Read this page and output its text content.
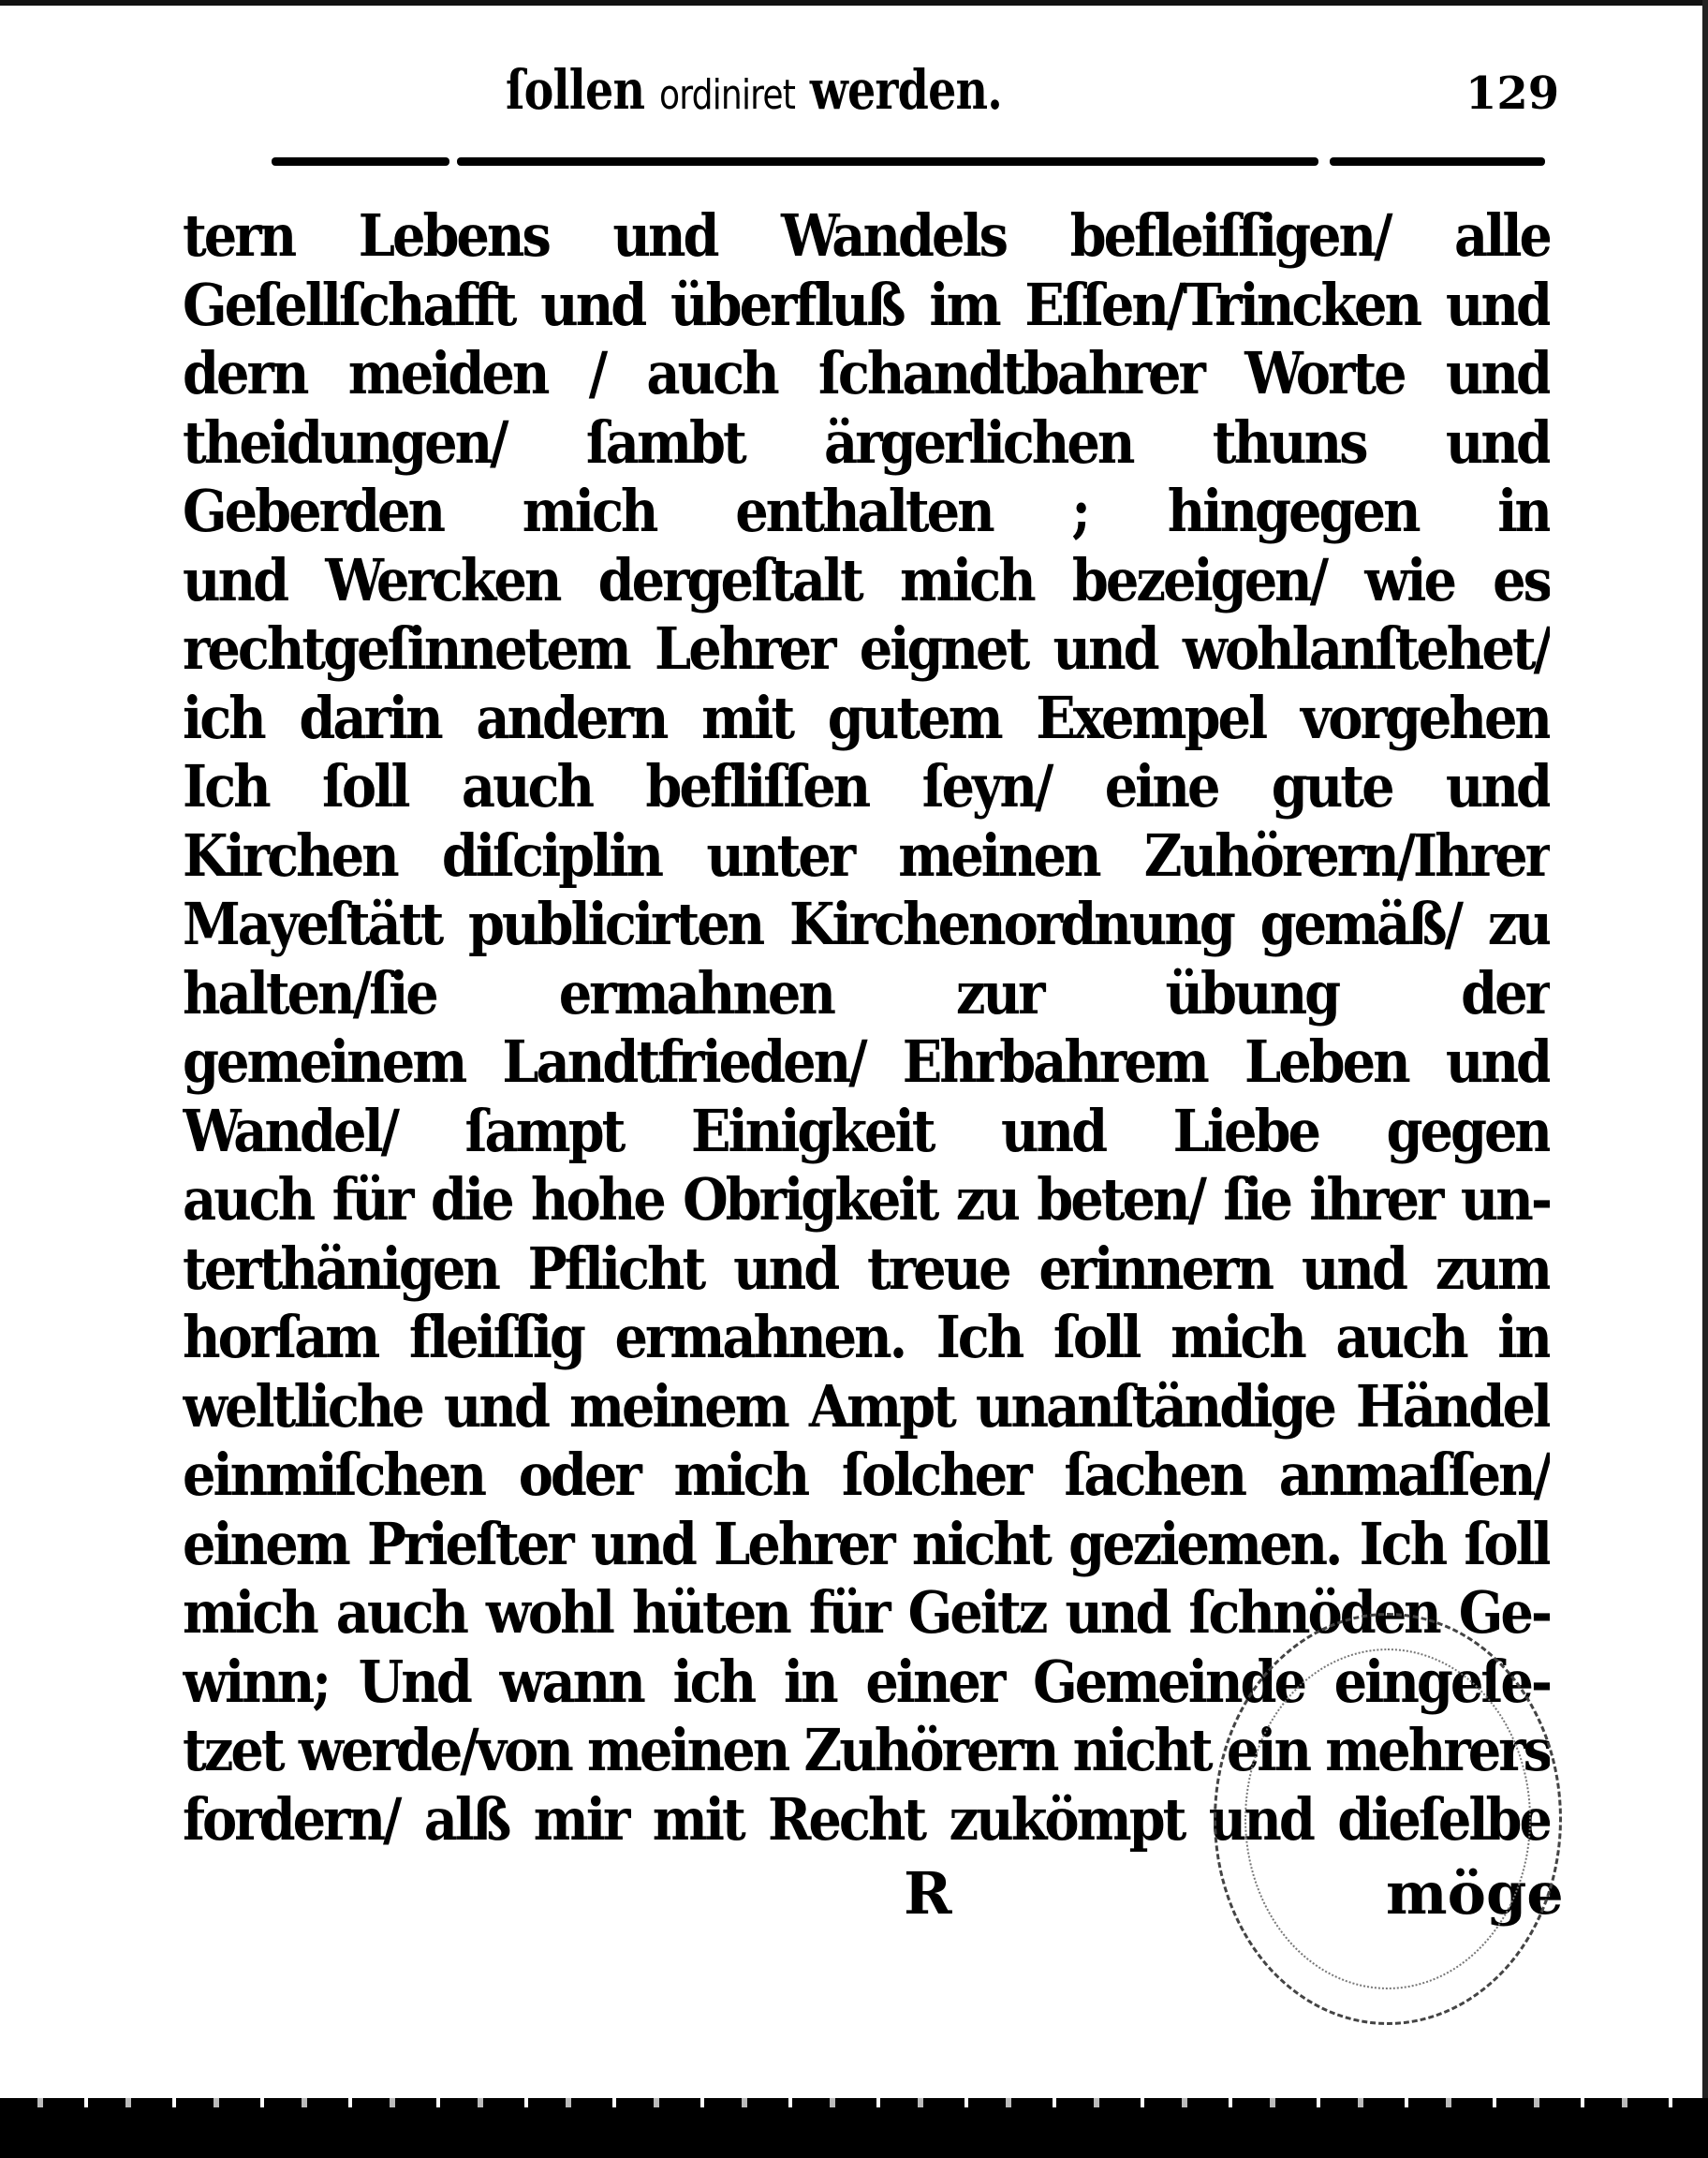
ſollen ordiniret werden.	129
tern Lebens und Wandels befleiſſigen/ alle
Geſellſchafft und überfluß im Eſſen/Trincken und
dern meiden / auch ſchandtbahrer Worte und
theidungen/ ſambt ärgerlichen thuns und
Geberden mich enthalten ; hingegen in
und Wercken dergeſtalt mich bezeigen/ wie es
rechtgeſinnetem Lehrer eignet und wohlanſtehet/
ich darin andern mit gutem Exempel vorgehen
Ich ſoll auch befliſſen ſeyn/ eine gute und
Kirchen diſciplin unter meinen Zuhörern/Ihrer
Mayeſtätt publicirten Kirchenordnung gemäß/ zu
halten/ſie ermahnen zur übung der
gemeinem Landtfrieden/ Ehrbahrem Leben und
Wandel/ ſampt Einigkeit und Liebe gegen
auch für die hohe Obrigkeit zu beten/ ſie ihrer un-
terthänigen Pflicht und treue erinnern und zum
horſam fleiſſig ermahnen. Ich ſoll mich auch in
weltliche und meinem Ampt unanſtändige Händel
einmiſchen oder mich ſolcher ſachen anmaſſen/
einem Prieſter und Lehrer nicht geziemen. Ich ſoll
mich auch wohl hüten für Geitz und ſchnöden Ge-
winn; Und wann ich in einer Gemeinde eingeſe-
tzet werde/von meinen Zuhörern nicht ein mehrers
fordern/ alß mir mit Recht zukömpt und dieſelbe
R	möge
